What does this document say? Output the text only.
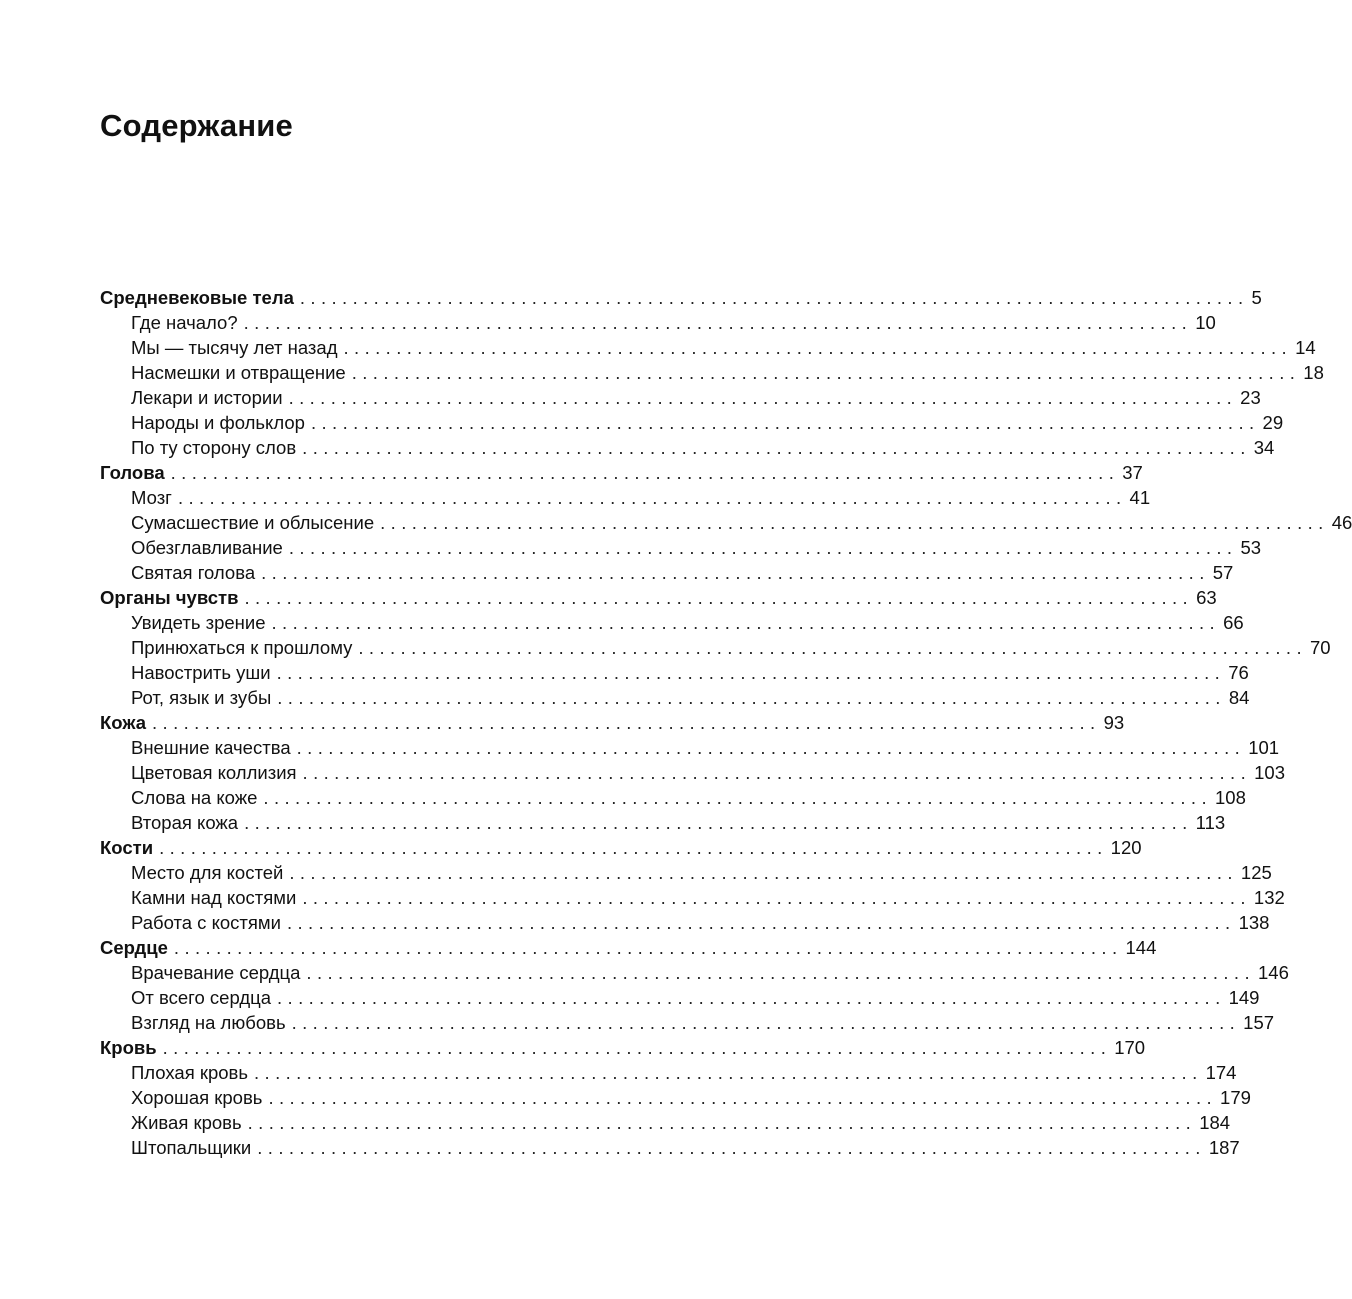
Содержание
Средневековые тела .......................................................................................... 5
Где начало? .......................................................................................... 10
Мы — тысячу лет назад .......................................................................................... 14
Насмешки и отвращение .......................................................................................... 18
Лекари и истории .......................................................................................... 23
Народы и фольклор .......................................................................................... 29
По ту сторону слов .......................................................................................... 34
Голова .......................................................................................... 37
Мозг .......................................................................................... 41
Сумасшествие и облысение .......................................................................................... 46
Обезглавливание .......................................................................................... 53
Святая голова .......................................................................................... 57
Органы чувств .......................................................................................... 63
Увидеть зрение .......................................................................................... 66
Принюхаться к прошлому .......................................................................................... 70
Навострить уши .......................................................................................... 76
Рот, язык и зубы .......................................................................................... 84
Кожа .......................................................................................... 93
Внешние качества .......................................................................................... 101
Цветовая коллизия .......................................................................................... 103
Слова на коже .......................................................................................... 108
Вторая кожа .......................................................................................... 113
Кости .......................................................................................... 120
Место для костей .......................................................................................... 125
Камни над костями .......................................................................................... 132
Работа с костями .......................................................................................... 138
Сердце .......................................................................................... 144
Врачевание сердца .......................................................................................... 146
От всего сердца .......................................................................................... 149
Взгляд на любовь .......................................................................................... 157
Кровь .......................................................................................... 170
Плохая кровь .......................................................................................... 174
Хорошая кровь .......................................................................................... 179
Живая кровь .......................................................................................... 184
Штопальщики .......................................................................................... 187
